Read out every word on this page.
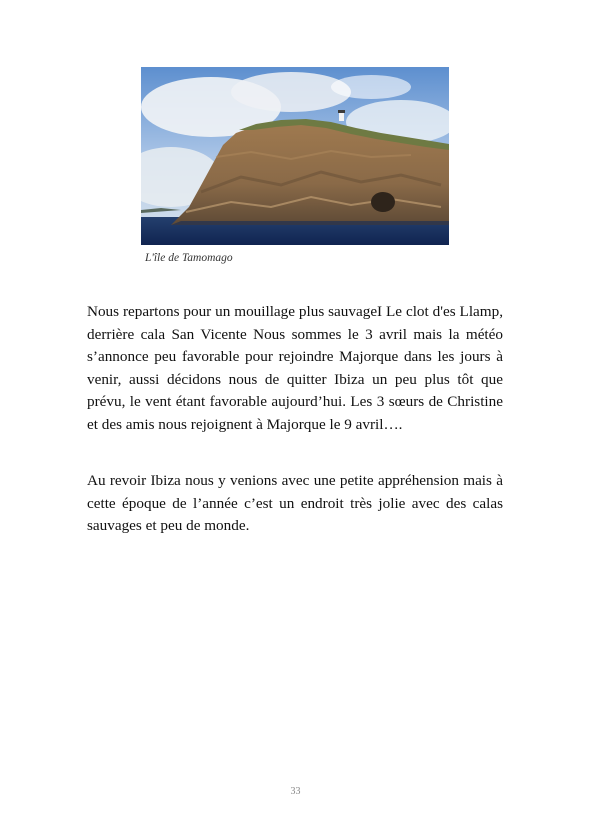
L'île de Tamomago

Nous repartons pour un mouillage plus sauvageI Le clot d'es Llamp, derrière cala San Vicente Nous sommes le 3 avril mais la météo s’annonce peu favorable pour rejoindre Majorque dans les jours à venir, aussi décidons nous de quitter Ibiza un peu plus tôt que prévu, le vent étant favorable aujourd’hui. Les 3 sœurs de Christine et des amis nous rejoignent à Majorque le 9 avril….

Au revoir Ibiza nous y venions avec une petite appréhension mais à cette époque de l’année c’est un endroit très jolie avec des calas sauvages et peu de monde.

33
